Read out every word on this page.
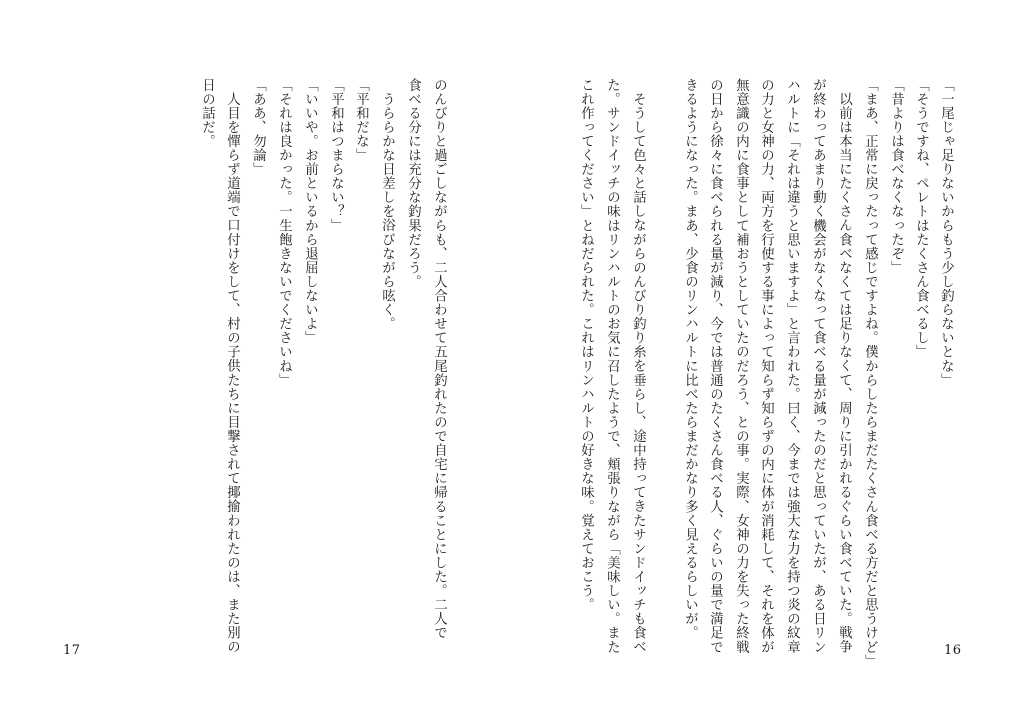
「一尾じゃ足りないからもう少し釣らないとな」
「そうですね、ペレトはたくさん食べるし」
「昔よりは食べなくなったぞ」
「まあ、正常に戻ったって感じですよね。僕からしたらまだたくさん食べる方だと思うけど」
以前は本当にたくさん食べなくては足りなくて、周りに引かれるぐらい食べていた。戦争
が終わってあまり動く機会がなくなって食べる量が減ったのだと思っていたが、ある日リン
ハルトに「それは違うと思いますよ」と言われた。曰く、今までは強大な力を持つ炎の紋章
の力と女神の力、両方を行使する事によって知らず知らずの内に体が消耗して、それを体が
無意識の内に食事として補おうとしていたのだろう、との事。実際、女神の力を失った終戦
の日から徐々に食べられる量が減り、今では普通のたくさん食べる人、ぐらいの量で満足で
きるようになった。まあ、少食のリンハルトに比べたらまだかなり多く見えるらしいが。
そうして色々と話しながらのんびり釣り糸を垂らし、途中持ってきたサンドイッチも食べ
た。サンドイッチの味はリンハルトのお気に召したようで、頬張りながら「美味しい。また
これ作ってください」とねだられた。これはリンハルトの好きな味。覚えておこう。
のんびりと過ごしながらも、二人合わせて五尾釣れたので自宅に帰ることにした。二人で
食べる分には充分な釣果だろう。
うららかな日差しを浴びながら呟く。
「平和だな」
「平和はつまらない？」
「いいや。お前といるから退屈しないよ」
「それは良かった。一生飽きないでくださいね」
「ああ、勿論」
人目を憚らず道端で口付けをして、村の子供たちに目撃されて揶揄われたのは、また別の
日の話だ。
17	16
